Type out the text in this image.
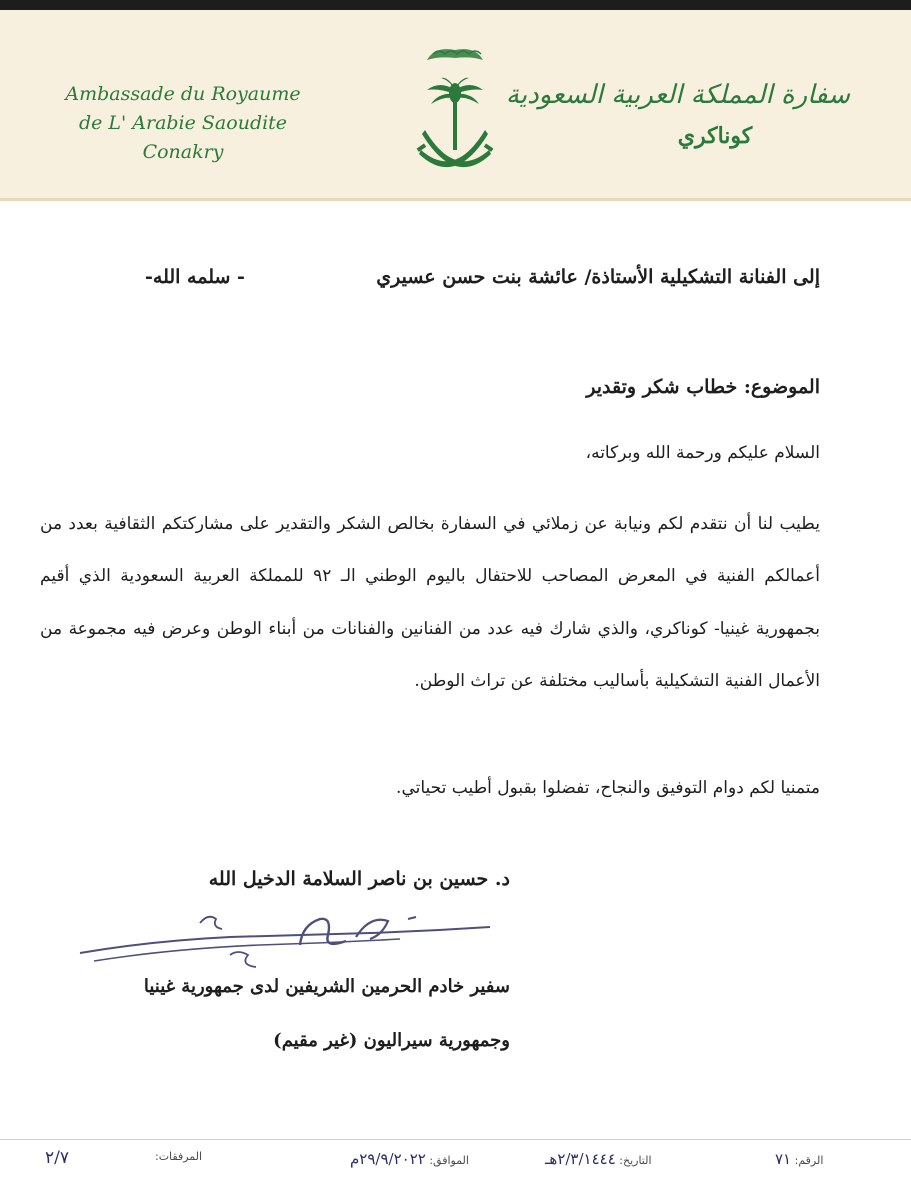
Ambassade du Royaume
de L' Arabie Saoudite
Conakry
سفارة المملكة العربية السعودية
كوناكري
إلى الفنانة التشكيلية الأستاذة/ عائشة بنت حسن عسيري
- سلمه الله-
الموضوع: خطاب شكر وتقدير
السلام عليكم ورحمة الله وبركاته،
يطيب لنا أن نتقدم لكم ونيابة عن زملائي في السفارة بخالص الشكر والتقدير على مشاركتكم الثقافية بعدد من أعمالكم الفنية في المعرض المصاحب للاحتفال باليوم الوطني الـ ٩٢ للمملكة العربية السعودية الذي أقيم بجمهورية غينيا- كوناكري، والذي شارك فيه عدد من الفنانين والفنانات من أبناء الوطن وعرض فيه مجموعة من الأعمال الفنية التشكيلية بأساليب مختلفة عن تراث الوطن.
متمنيا لكم دوام التوفيق والنجاح، تفضلوا بقبول أطيب تحياتي.
د. حسين بن ناصر السلامة الدخيل الله
سفير خادم الحرمين الشريفين لدى جمهورية غينيا
وجمهورية سيراليون (غير مقيم)
الرقم: ٧١
التاريخ: ٢/٣/١٤٤٤هـ
الموافق: ٢٩/٩/٢٠٢٢م
المرفقات:
٢/٧
